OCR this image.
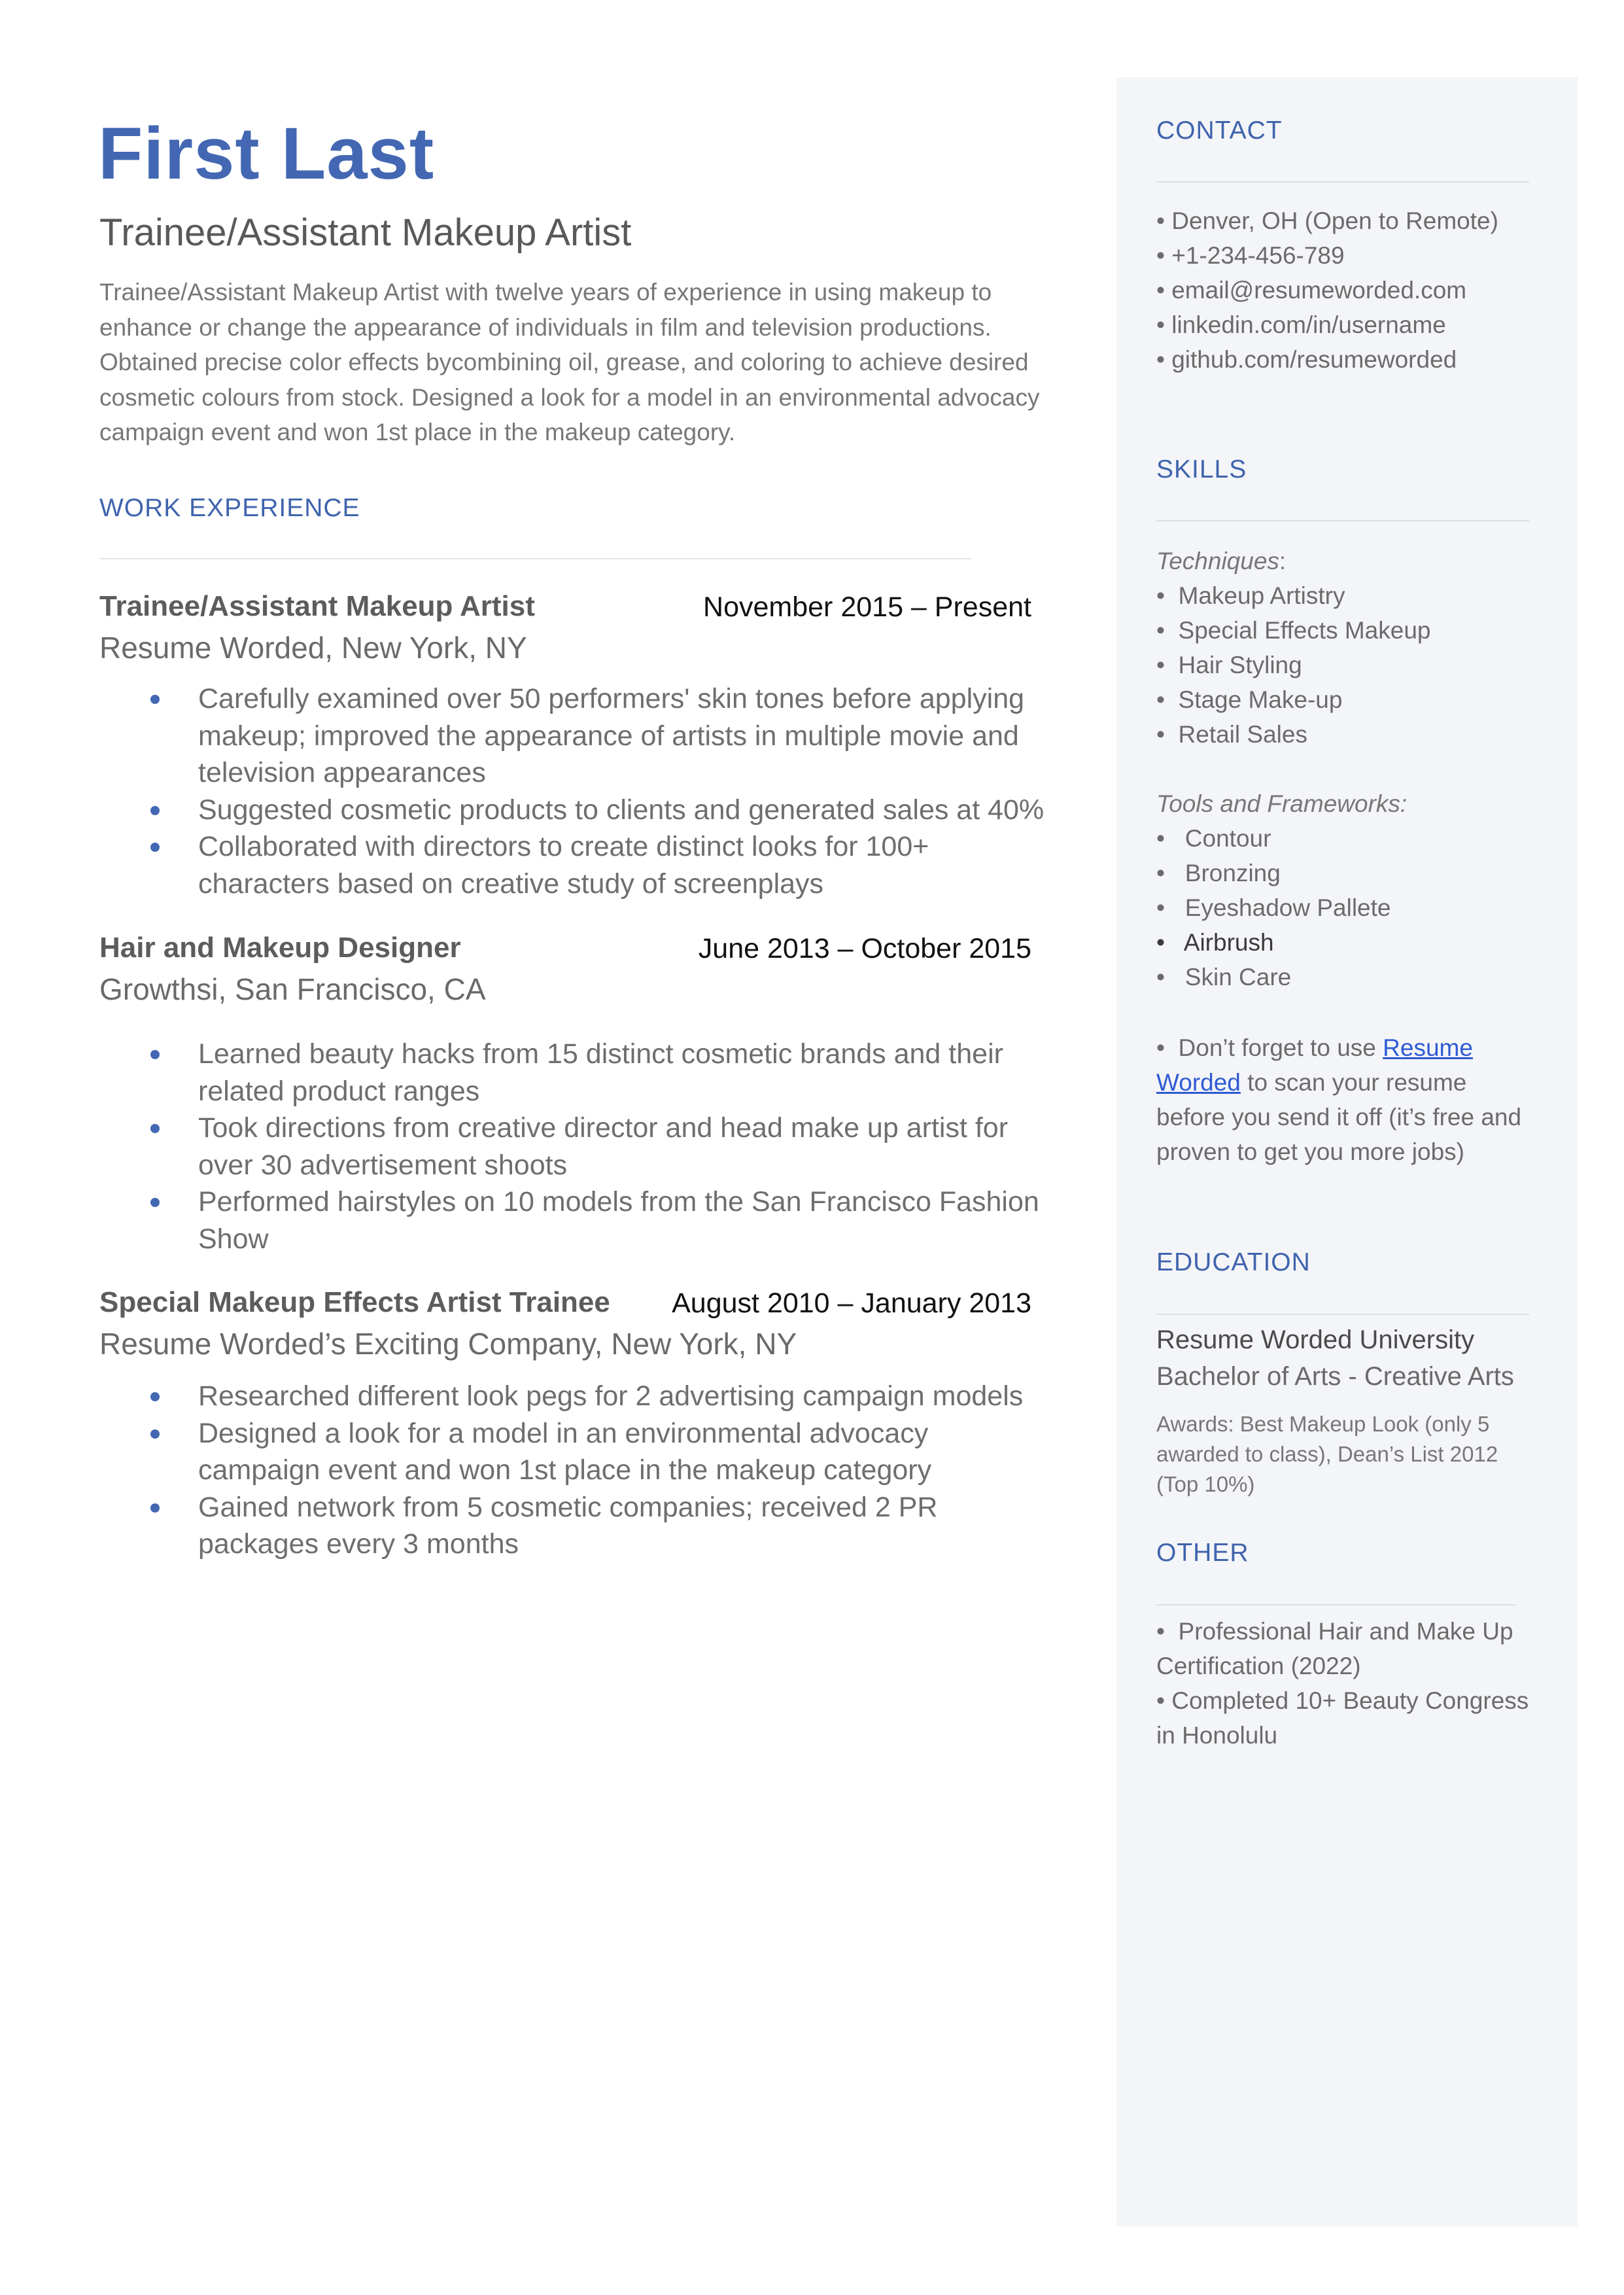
CONTACT
• Denver, OH (Open to Remote)
• +1-234-456-789
• email@resumeworded.com
• linkedin.com/in/username
• github.com/resumeworded
SKILLS
Techniques:
•  Makeup Artistry
•  Special Effects Makeup
•  Hair Styling
•  Stage Make-up
•  Retail Sales
Tools and Frameworks:
•   Contour
•   Bronzing
•   Eyeshadow Pallete
•   Airbrush
•   Skin Care
•  Don’t forget to use Resume
Worded to scan your resume
before you send it off (it’s free and
proven to get you more jobs)
EDUCATION
Resume Worded University
Bachelor of Arts - Creative Arts
Awards: Best Makeup Look (only 5
awarded to class), Dean’s List 2012
(Top 10%)
OTHER
•  Professional Hair and Make Up
Certification (2022)
• Completed 10+ Beauty Congress
in Honolulu
First Last
Trainee/Assistant Makeup Artist
Trainee/Assistant Makeup Artist with twelve years of experience in using makeup to enhance or change the appearance of individuals in film and television productions. Obtained precise color effects bycombining oil, grease, and coloring to achieve desired cosmetic colours from stock. Designed a look for a model in an environmental advocacy campaign event and won 1st place in the makeup category.
WORK EXPERIENCE
Trainee/Assistant Makeup Artist	November 2015 – Present
Resume Worded, New York, NY
Carefully examined over 50 performers' skin tones before applying makeup; improved the appearance of artists in multiple movie and television appearances
Suggested cosmetic products to clients and generated sales at 40%
Collaborated with directors to create distinct looks for 100+ characters based on creative study of screenplays
Hair and Makeup Designer	June 2013 – October 2015
Growthsi, San Francisco, CA
Learned beauty hacks from 15 distinct cosmetic brands and their related product ranges
Took directions from creative director and head make up artist for over 30 advertisement shoots
Performed hairstyles on 10 models from the San Francisco Fashion Show
Special Makeup Effects Artist Trainee August 2010 – January 2013
Resume Worded’s Exciting Company, New York, NY
Researched different look pegs for 2 advertising campaign models
Designed a look for a model in an environmental advocacy campaign event and won 1st place in the makeup category
Gained network from 5 cosmetic companies; received 2 PR packages every 3 months
